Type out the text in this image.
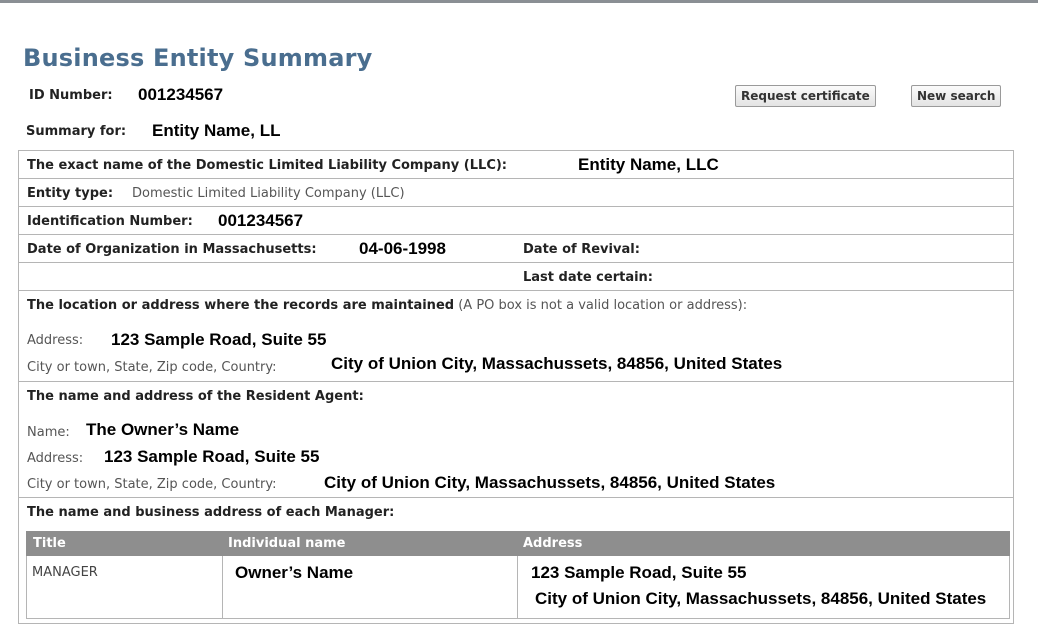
Business Entity Summary
ID Number: 001234567	Request certificate	New search
Summary for: Entity Name, LL
The exact name of the Domestic Limited Liability Company (LLC):	Entity Name, LLC
Entity type: Domestic Limited Liability Company (LLC)
Identification Number: 001234567
Date of Organization in Massachusetts: 04-06-1998	Date of Revival:
Last date certain:
The location or address where the records are maintained (A PO box is not a valid location or address):
Address: 123 Sample Road, Suite 55
City or town, State, Zip code, Country:	City of Union City, Massachussets, 84856, United States
The name and address of the Resident Agent:
Name: The Owner’s Name
Address: 123 Sample Road, Suite 55
City or town, State, Zip code, Country:	City of Union City, Massachussets, 84856, United States
The name and business address of each Manager:
Title	Individual name	Address
MANAGER	Owner’s Name	123 Sample Road, Suite 55
City of Union City, Massachussets, 84856, United States
